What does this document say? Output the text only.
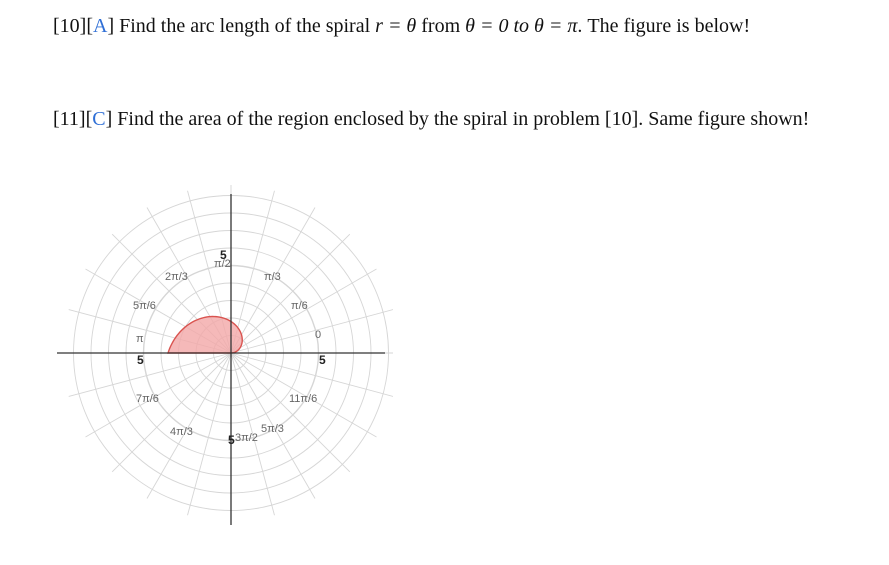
[10][A] Find the arc length of the spiral r = θ from θ = 0 to θ = π. The figure is below!
[11][C] Find the area of the region enclosed by the spiral in problem [10]. Same figure shown!
π/2
π/3
2π/3
π/6
5π/6
0
π
7π/6	11π/6
4π/3	5π/3
3π/2
5
5	5
5
